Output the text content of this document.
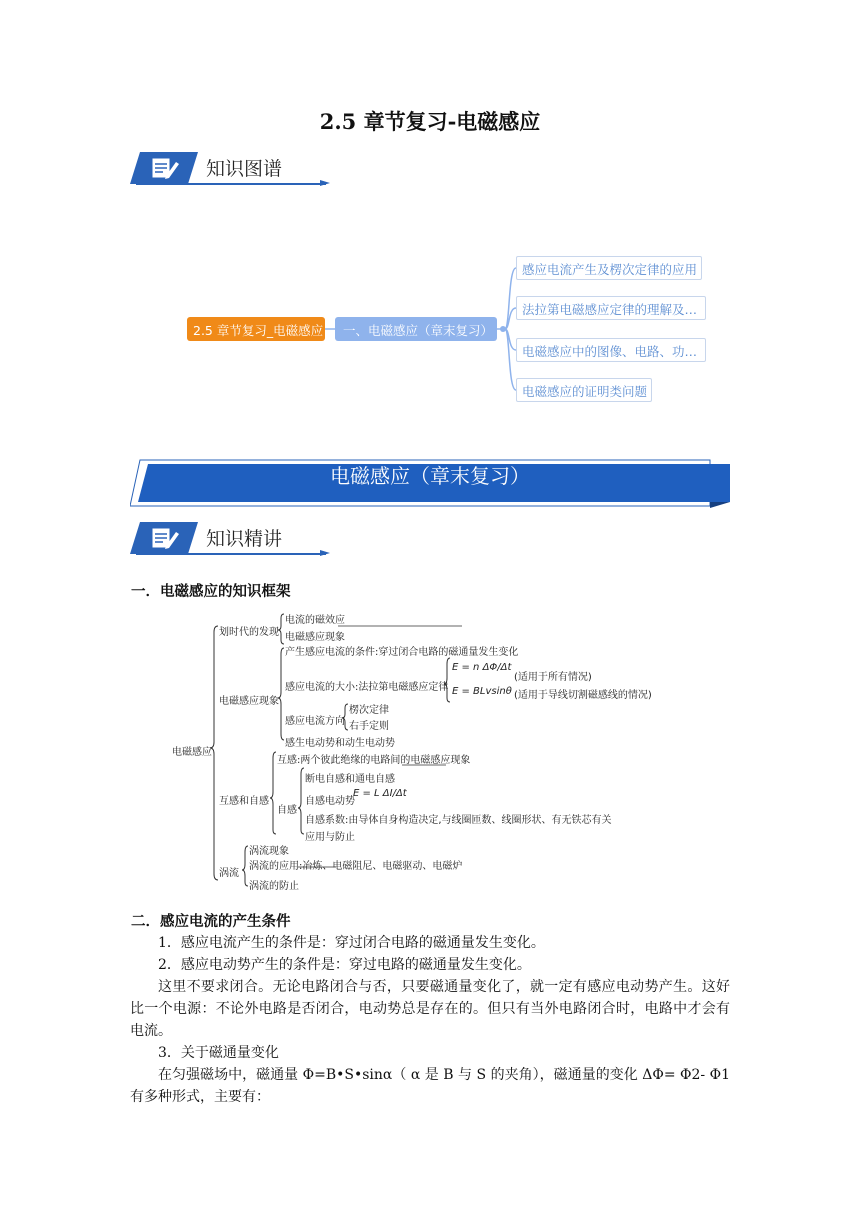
2.5 章节复习-电磁感应
知识图谱
2.5 章节复习_电磁感应	一、电磁感应（章末复习）
感应电流产生及楞次定律的应用
法拉第电磁感应定律的理解及…
电磁感应中的图像、电路、功…
电磁感应的证明类问题
电磁感应（章末复习）
知识精讲
一．电磁感应的知识框架
电磁感应
划时代的发现
电流的磁效应
电磁感应现象
电磁感应现象
产生感应电流的条件:穿过闭合电路的磁通量发生变化
感应电流的大小:法拉第电磁感应定律
E = n ΔΦ/Δt
(适用于所有情况)
E = BLvsinθ (适用于导线切割磁感线的情况)
感应电流方向
楞次定律
右手定则
感生电动势和动生电动势
互感和自感
互感:两个彼此绝缘的电路间的电磁感应现象
自感
断电自感和通电自感
自感电动势
E = L ΔI/Δt
自感系数:由导体自身构造决定,与线圈匝数、线圈形状、有无铁芯有关
应用与防止
涡流
涡流现象
涡流的应用:冶炼、电磁阻尼、电磁驱动、电磁炉
涡流的防止
二．感应电流的产生条件
1．感应电流产生的条件是：穿过闭合电路的磁通量发生变化。
2．感应电动势产生的条件是：穿过电路的磁通量发生变化。
这里不要求闭合。无论电路闭合与否，只要磁通量变化了，就一定有感应电动势产生。这好比一个电源：不论外电路是否闭合，电动势总是存在的。但只有当外电路闭合时，电路中才会有电流。
3．关于磁通量变化
在匀强磁场中，磁通量 Φ=B•S•sinα（ α 是 B 与 S 的夹角），磁通量的变化 ΔΦ= Φ2- Φ1 有多种形式，主要有：
